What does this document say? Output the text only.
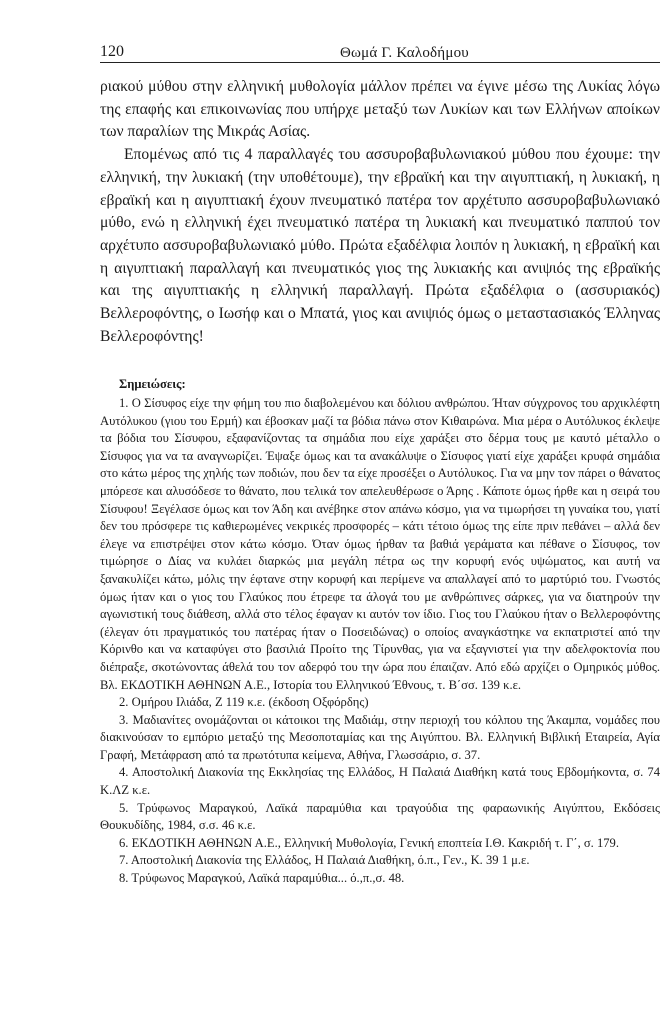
120	Θωμά Γ. Καλοδήμου

ριακού μύθου στην ελληνική μυθολογία μάλλον πρέπει να έγινε μέσω της Λυκίας λόγω της επαφής και επικοινωνίας που υπήρχε μεταξύ των Λυκίων και των Ελλήνων αποίκων των παραλίων της Μικράς Ασίας.

Επομένως από τις 4 παραλλαγές του ασσυροβαβυλωνιακού μύθου που έχουμε: την ελληνική, την λυκιακή (την υποθέτουμε), την εβραϊκή και την αιγυπτιακή, η λυκιακή, η εβραϊκή και η αιγυπτιακή έχουν πνευματικό πατέρα τον αρχέτυπο ασσυροβαβυλωνιακό μύθο, ενώ η ελληνική έχει πνευματικό πατέρα τη λυκιακή και πνευματικό παππού τον αρχέτυπο ασσυροβαβυλωνιακό μύθο. Πρώτα εξαδέλφια λοιπόν η λυκιακή, η εβραϊκή και η αιγυπτιακή παραλλαγή και πνευματικός γιος της λυκιακής και ανιψιός της εβραϊκής και της αιγυπτιακής η ελληνική παραλλαγή. Πρώτα εξαδέλφια ο (ασσυριακός) Βελλεροφόντης, ο Ιωσήφ και ο Μπατά, γιος και ανιψιός όμως ο μεταστασιακός Έλληνας Βελλεροφόντης!

Σημειώσεις:

1. Ο Σίσυφος είχε την φήμη του πιο διαβολεμένου και δόλιου ανθρώπου. Ήταν σύγχρονος του αρχικλέφτη Αυτόλυκου (γιου του Ερμή) και έβοσκαν μαζί τα βόδια πάνω στον Κιθαιρώνα. Μια μέρα ο Αυτόλυκος έκλεψε τα βόδια του Σίσυφου, εξαφανίζοντας τα σημάδια που είχε χαράξει στο δέρμα τους με καυτό μέταλλο ο Σίσυφος για να τα αναγνωρίζει. Έψαξε όμως και τα ανακάλυψε ο Σίσυφος γιατί είχε χαράξει κρυφά σημάδια στο κάτω μέρος της χηλής των ποδιών, που δεν τα είχε προσέξει ο Αυτόλυκος. Για να μην τον πάρει ο θάνατος μπόρεσε και αλυσόδεσε το θάνατο, που τελικά τον απελευθέρωσε ο Άρης . Κάποτε όμως ήρθε και η σειρά του Σίσυφου! Ξεγέλασε όμως και τον Άδη και ανέβηκε στον απάνω κόσμο, για να τιμωρήσει τη γυναίκα του, γιατί δεν του πρόσφερε τις καθιερωμένες νεκρικές προσφορές – κάτι τέτοιο όμως της είπε πριν πεθάνει – αλλά δεν έλεγε να επιστρέψει στον κάτω κόσμο. Όταν όμως ήρθαν τα βαθιά γεράματα και πέθανε ο Σίσυφος, τον τιμώρησε ο Δίας να κυλάει διαρκώς μια μεγάλη πέτρα ως την κορυφή ενός υψώματος, και αυτή να ξανακυλίζει κάτω, μόλις την έφτανε στην κορυφή και περίμενε να απαλλαγεί από το μαρτύριό του. Γνωστός όμως ήταν και ο γιος του Γλαύκος που έτρεφε τα άλογά του με ανθρώπινες σάρκες, για να διατηρούν την αγωνιστική τους διάθεση, αλλά στο τέλος έφαγαν κι αυτόν τον ίδιο. Γιος του Γλαύκου ήταν ο Βελλεροφόντης (έλεγαν ότι πραγματικός του πατέρας ήταν ο Ποσειδώνας) ο οποίος αναγκάστηκε να εκπατριστεί από την Κόρινθο και να καταφύγει στο βασιλιά Προίτο της Τίρυνθας, για να εξαγνιστεί για την αδελφοκτονία που διέπραξε, σκοτώνοντας άθελά του τον αδερφό του την ώρα που έπαιζαν. Από εδώ αρχίζει ο Ομηρικός μύθος. Βλ. ΕΚΔΟΤΙΚΗ ΑΘΗΝΩΝ Α.Ε., Ιστορία του Ελληνικού Έθνους, τ. Β΄σσ. 139 κ.ε.

2. Ομήρου Ιλιάδα, Ζ 119 κ.ε. (έκδοση Οξφόρδης)

3. Μαδιανίτες ονομάζονται οι κάτοικοι της Μαδιάμ, στην περιοχή του κόλπου της Άκαμπα, νομάδες που διακινούσαν το εμπόριο μεταξύ της Μεσοποταμίας και της Αιγύπτου. Βλ. Ελληνική Βιβλική Εταιρεία, Αγία Γραφή, Μετάφραση από τα πρωτότυπα κείμενα, Αθήνα, Γλωσσάριο, σ. 37.

4. Αποστολική Διακονία της Εκκλησίας της Ελλάδος, Η Παλαιά Διαθήκη κατά τους Εβδομήκοντα, σ. 74 Κ.ΛΖ κ.ε.

5. Τρύφωνος Μαραγκού, Λαϊκά παραμύθια και τραγούδια της φαραωνικής Αιγύπτου, Εκδόσεις Θουκυδίδης, 1984, σ.σ. 46 κ.ε.

6. ΕΚΔΟΤΙΚΗ ΑΘΗΝΩΝ Α.Ε., Ελληνική Μυθολογία, Γενική εποπτεία Ι.Θ. Κακριδή τ. Γ΄, σ. 179.

7. Αποστολική Διακονία της Ελλάδος, Η Παλαιά Διαθήκη, ό.π., Γεν., Κ. 39 1 μ.ε.

8. Τρύφωνος Μαραγκού, Λαϊκά παραμύθια... ό.,π.,σ. 48.
